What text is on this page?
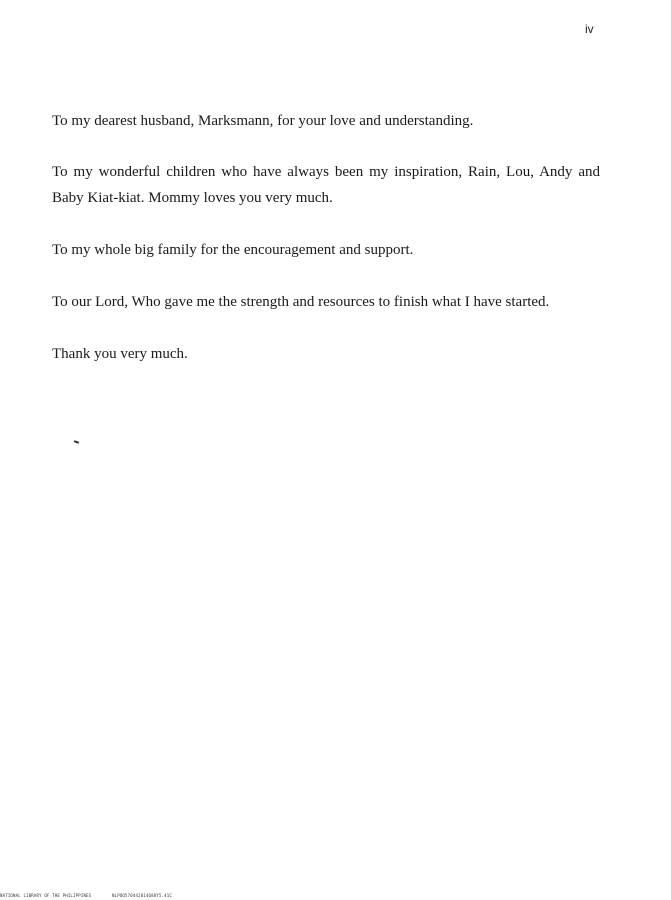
iv

To my dearest husband, Marksmann, for your love and understanding.

To my wonderful children who have always been my inspiration, Rain, Lou, Andy and Baby Kiat-kiat. Mommy loves you very much.

To my whole big family for the encouragement and support.

To our Lord, Who gave me the strength and resources to finish what I have started.

Thank you very much.

NATIONAL LIBRARY OF THE PHILIPPINES	NLPOO570442014688Y5.41C
